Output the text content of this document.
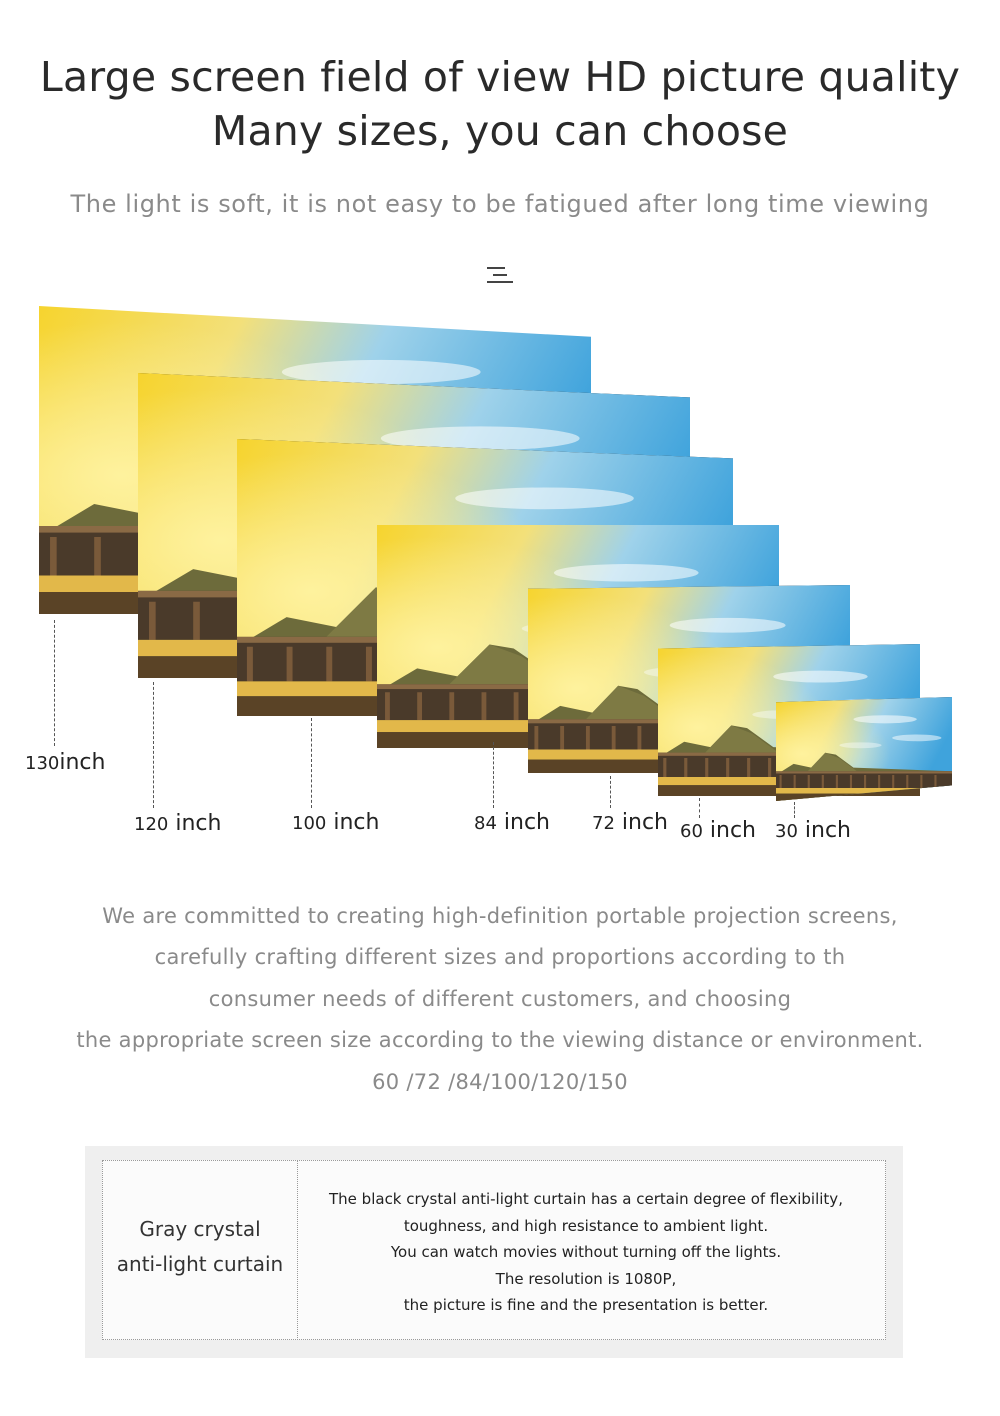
Large screen field of view HD picture quality
Many sizes, you can choose
The light is soft, it is not easy to be fatigued after long time viewing
130inch
120 inch	100 inch	84 inch 72 inch 60 inch 30 inch
We are committed to creating high-definition portable projection screens,
carefully crafting different sizes and proportions according to th
consumer needs of different customers, and choosing
the appropriate screen size according to the viewing distance or environment.
60 /72 /84/100/120/150
Gray crystal
anti-light curtain
The black crystal anti-light curtain has a certain degree of flexibility,
toughness, and high resistance to ambient light.
You can watch movies without turning off the lights.
The resolution is 1080P,
the picture is fine and the presentation is better.
